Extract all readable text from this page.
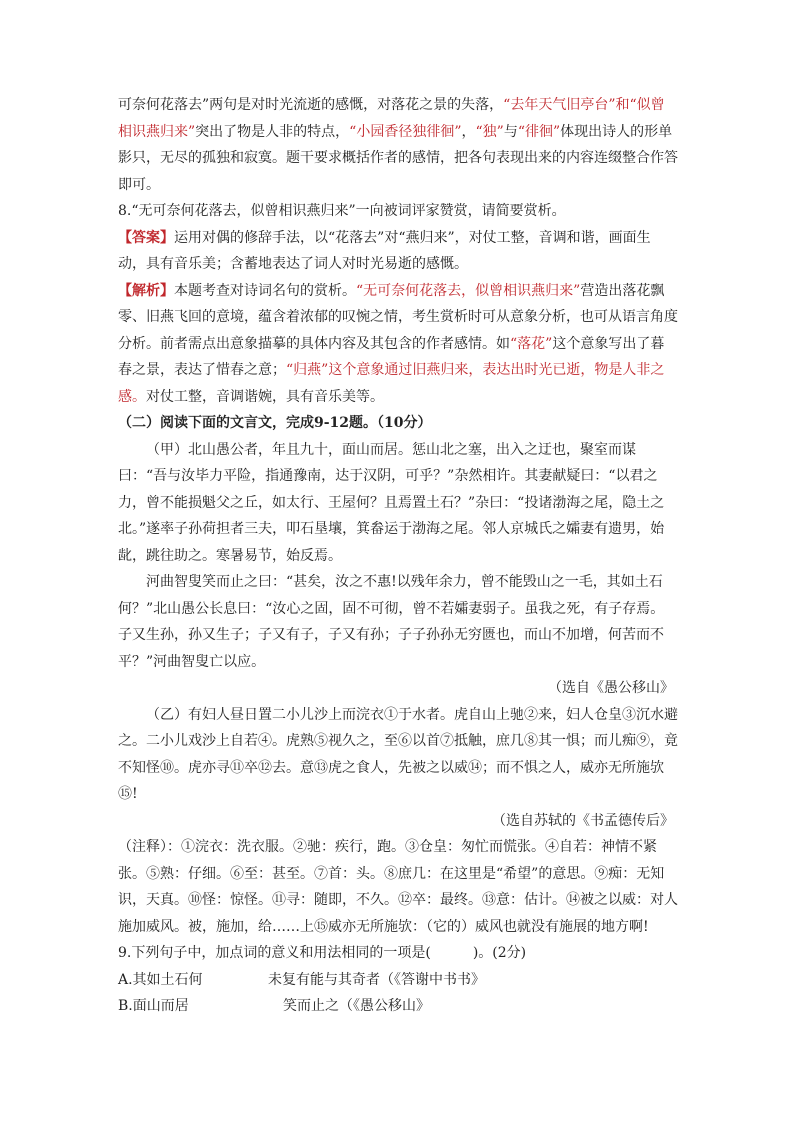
可奈何花落去”两句是对时光流逝的感慨，对落花之景的失落，“去年天气旧亭台”和“似曾相识燕归来”突出了物是人非的特点，“小园香径独徘徊”，“独”与“徘徊”体现出诗人的形单影只，无尽的孤独和寂寞。题干要求概括作者的感情，把各句表现出来的内容连缀整合作答即可。

8.“无可奈何花落去，似曾相识燕归来”一向被词评家赞赏，请简要赏析。

【答案】运用对偶的修辞手法，以“花落去”对“燕归来”，对仗工整，音调和谐，画面生动，具有音乐美；含蓄地表达了词人对时光易逝的感慨。

【解析】本题考查对诗词名句的赏析。“无可奈何花落去，似曾相识燕归来”营造出落花飘零、旧燕飞回的意境，蕴含着浓郁的叹惋之情，考生赏析时可从意象分析，也可从语言角度分析。前者需点出意象描摹的具体内容及其包含的作者感情。如“落花”这个意象写出了暮春之景，表达了惜春之意；“归燕”这个意象通过旧燕归来，表达出时光已逝，物是人非之感。对仗工整，音调谐婉，具有音乐美等。

（二）阅读下面的文言文，完成9-12题。（10分）

（甲）北山愚公者，年且九十，面山而居。惩山北之塞，出入之迂也，聚室而谋曰：“吾与汝毕力平险，指通豫南，达于汉阴，可乎？”杂然相许。其妻献疑曰：“以君之力，曾不能损魁父之丘，如太行、王屋何？且焉置土石？”杂曰：“投诸渤海之尾，隐土之北。”遂率子孙荷担者三夫，叩石垦壤，箕畚运于渤海之尾。邻人京城氏之孀妻有遗男，始龀，跳往助之。寒暑易节，始反焉。

河曲智叟笑而止之曰：“甚矣，汝之不惠!以残年余力，曾不能毁山之一毛，其如土石何？”北山愚公长息曰：“汝心之固，固不可彻，曾不若孀妻弱子。虽我之死，有子存焉。子又生孙，孙又生子；子又有子，子又有孙；子子孙孙无穷匮也，而山不加增，何苦而不平？”河曲智叟亡以应。

（选自《愚公移山》

（乙）有妇人昼日置二小儿沙上而浣衣①于水者。虎自山上驰②来，妇人仓皇③沉水避之。二小儿戏沙上自若④。虎熟⑤视久之，至⑥以首⑦抵触，庶几⑧其一惧；而儿痴⑨，竟不知怪⑩。虎亦寻⑪卒⑫去。意⑬虎之食人，先被之以威⑭；而不惧之人，威亦无所施欤⑮!

（选自苏轼的《书孟德传后》

（注释）：①浣衣：洗衣服。②驰：疾行，跑。③仓皇：匆忙而慌张。④自若：神情不紧张。⑤熟：仔细。⑥至：甚至。⑦首：头。⑧庶几：在这里是“希望”的意思。⑨痴：无知识，天真。⑩怪：惊怪。⑪寻：随即，不久。⑫卒：最终。⑬意：估计。⑭被之以威：对人施加威风。被，施加，给……上⑮威亦无所施欤：（它的）威风也就没有施展的地方啊!

9.下列句子中，加点词的意义和用法相同的一项是(　　　)。(2分)

A.其如土石何	未复有能与其奇者（《答谢中书书》

B.面山而居	笑而止之（《愚公移山》
